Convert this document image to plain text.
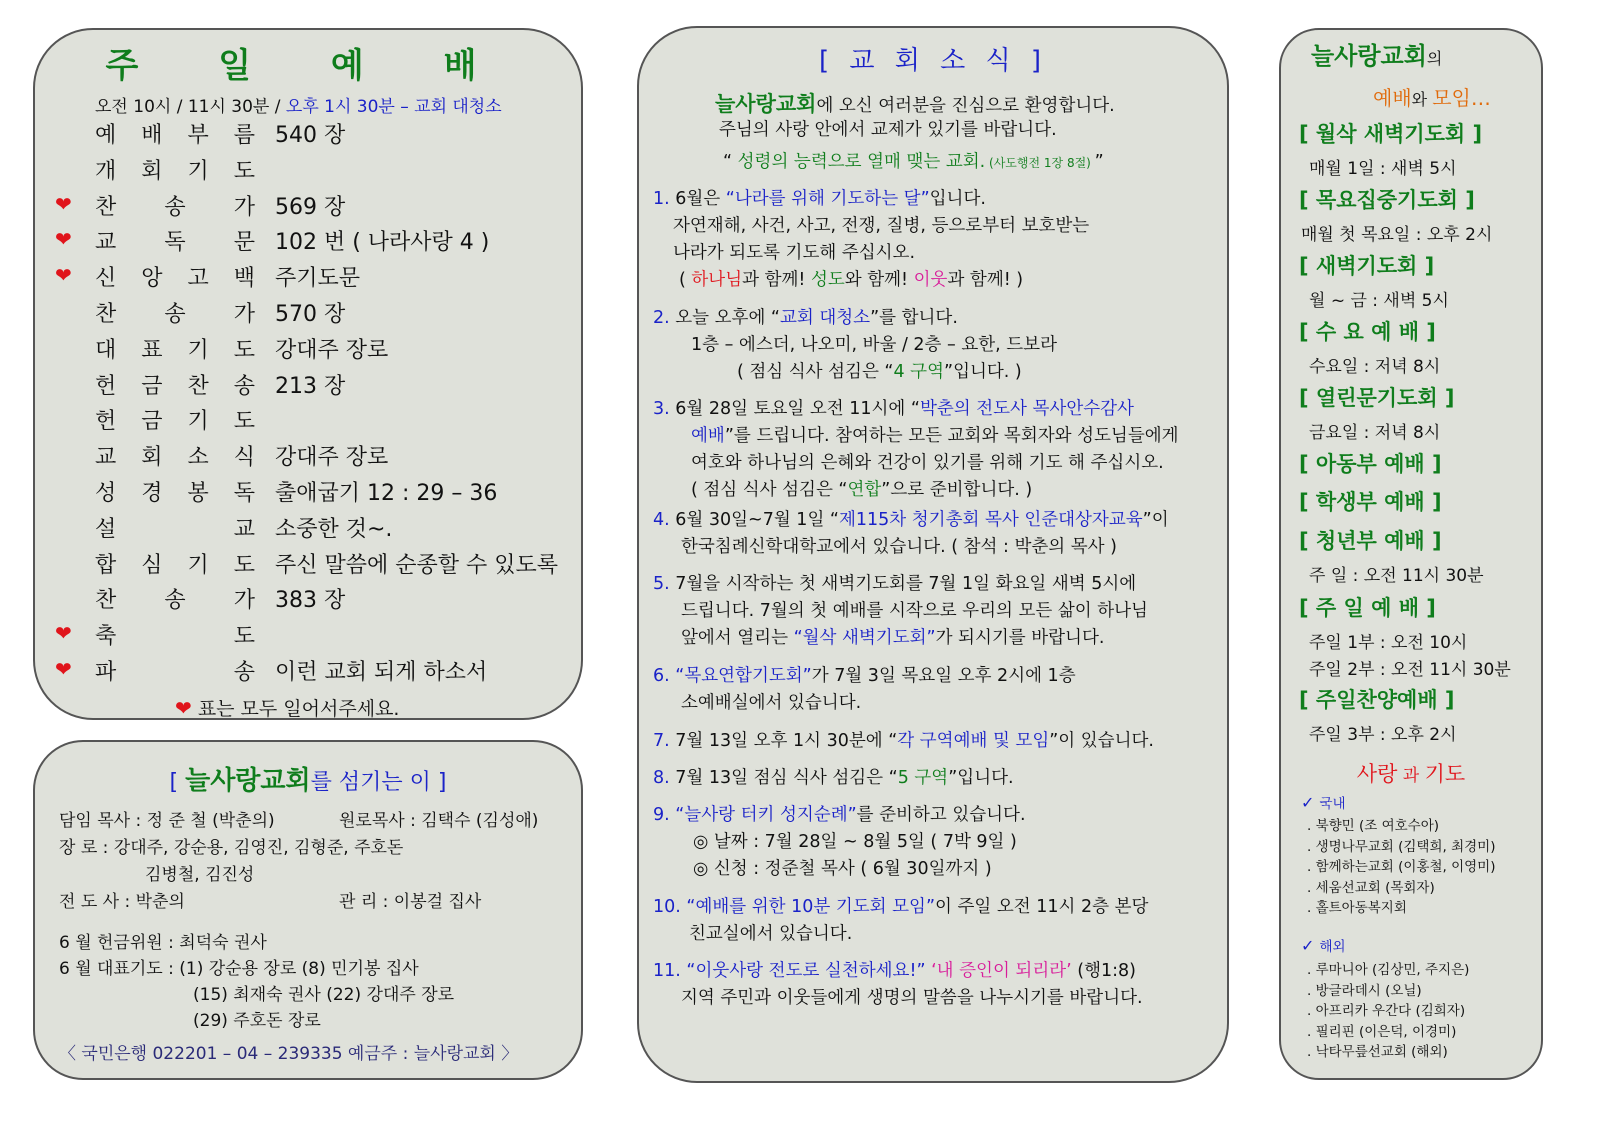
주 일 예 배
오전 10시 / 11시 30분 / 오후 1시 30분 – 교회 대청소
예 배 부 름 540 장
개 회 기 도
❤	찬 송 가 569 장
❤	교 독 문 102 번 ( 나라사랑 4 )
❤	신 앙 고 백 주기도문
찬 송 가 570 장
대 표 기 도 강대주 장로
헌 금 찬 송 213 장
헌 금 기 도
교 회 소 식 강대주 장로
성 경 봉 독 출애굽기 12 : 29 – 36
설	교 소중한 것~.
합 심 기 도 주신 말씀에 순종할 수 있도록
찬 송 가 383 장
❤	축	도
❤	파	송 이런 교회 되게 하소서
❤ 표는 모두 일어서주세요.
[ 늘사랑교회를 섬기는 이 ]
담임 목사 : 정 준 철 (박춘의)	원로목사 : 김택수 (김성애)
장 로 : 강대주, 강순용, 김영진, 김형준, 주호돈
김병철, 김진성
전 도 사 : 박춘의	관 리 : 이봉걸 집사
6 월 헌금위원 : 최덕숙 권사
6 월 대표기도 : (1) 강순용 장로 (8) 민기봉 집사
(15) 최재숙 권사 (22) 강대주 장로
(29) 주호돈 장로
〈 국민은행 022201 – 04 – 239335 예금주 : 늘사랑교회 〉
[ 교 회 소 식 ]
늘사랑교회에 오신 여러분을 진심으로 환영합니다.
주님의 사랑 안에서 교제가 있기를 바랍니다.
“ 성령의 능력으로 열매 맺는 교회. (사도행전 1장 8절) ”
1. 6월은 “나라를 위해 기도하는 달”입니다.
자연재해, 사건, 사고, 전쟁, 질병, 등으로부터 보호받는
나라가 되도록 기도해 주십시오.
( 하나님과 함께! 성도와 함께! 이웃과 함께! )
2. 오늘 오후에 “교회 대청소”를 합니다.
1층 – 에스더, 나오미, 바울 / 2층 – 요한, 드보라
( 점심 식사 섬김은 “4 구역”입니다. )
3. 6월 28일 토요일 오전 11시에 “박춘의 전도사 목사안수감사
예배”를 드립니다. 참여하는 모든 교회와 목회자와 성도님들에게
여호와 하나님의 은혜와 건강이 있기를 위해 기도 해 주십시오.
( 점심 식사 섬김은 “연합”으로 준비합니다. )
4. 6월 30일~7월 1일 “제115차 청기총회 목사 인준대상자교육”이
한국침례신학대학교에서 있습니다. ( 참석 : 박춘의 목사 )
5. 7월을 시작하는 첫 새벽기도회를 7월 1일 화요일 새벽 5시에
드립니다. 7월의 첫 예배를 시작으로 우리의 모든 삶이 하나님
앞에서 열리는 “월삭 새벽기도회”가 되시기를 바랍니다.
6. “목요연합기도회”가 7월 3일 목요일 오후 2시에 1층
소예배실에서 있습니다.
7. 7월 13일 오후 1시 30분에 “각 구역예배 및 모임”이 있습니다.
8. 7월 13일 점심 식사 섬김은 “5 구역”입니다.
9. “늘사랑 터키 성지순례”를 준비하고 있습니다.
◎ 날짜 : 7월 28일 ~ 8월 5일 ( 7박 9일 )
◎ 신청 : 정준철 목사 ( 6월 30일까지 )
10. “예배를 위한 10분 기도회 모임”이 주일 오전 11시 2층 본당
친교실에서 있습니다.
11. “이웃사랑 전도로 실천하세요!” ‘내 증인이 되리라’ (행1:8)
지역 주민과 이웃들에게 생명의 말씀을 나누시기를 바랍니다.
늘사랑교회의
예배와 모임…
[ 월삭 새벽기도회 ]
매월 1일 : 새벽 5시
[ 목요집중기도회 ]
매월 첫 목요일 : 오후 2시
[ 새벽기도회 ]
월 ~ 금 : 새벽 5시
[ 수 요 예 배 ]
수요일 : 저녁 8시
[ 열린문기도회 ]
금요일 : 저녁 8시
[ 아동부 예배 ]
[ 학생부 예배 ]
[ 청년부 예배 ]
주 일 : 오전 11시 30분
[ 주 일 예 배 ]
주일 1부 : 오전 10시
주일 2부 : 오전 11시 30분
[ 주일찬양예배 ]
주일 3부 : 오후 2시
사랑 과 기도
✓ 국내
. 북향민 (조 여호수아)
. 생명나무교회 (김택희, 최경미)
. 함께하는교회 (이홍철, 이영미)
. 세움선교회 (목회자)
. 홀트아동복지회
✓ 해외
. 루마니아 (김상민, 주지은)
. 방글라데시 (오닐)
. 아프리카 우간다 (김희자)
. 필리핀 (이은덕, 이경미)
. 낙타무릎선교회 (해외)
